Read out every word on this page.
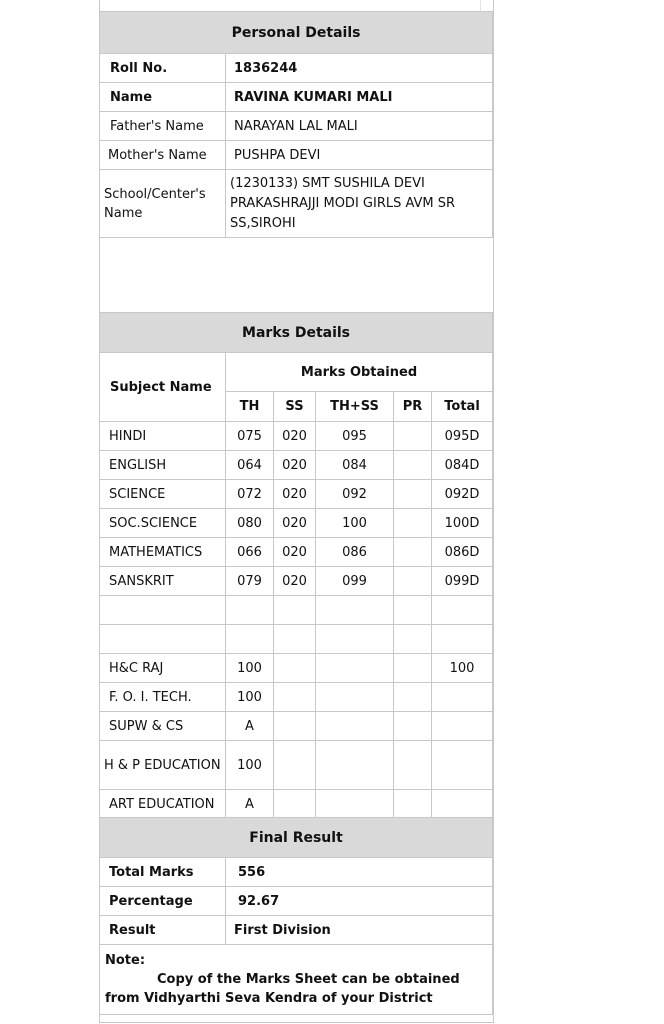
Personal Details	
Roll No.	1836244
Name	RAVINA KUMARI MALI
Father's Name	NARAYAN LAL MALI
Mother's Name	PUSHPA DEVI
School/Center's Name	(1230133) SMT SUSHILA DEVI PRAKASHRAJJI MODI GIRLS AVM SR SS,SIROHI
Marks Details					
Subject Name	Marks Obtained				
	TH	SS	TH+SS	PR	Total
HINDI	075	020	095		095D
ENGLISH	064	020	084		084D
SCIENCE	072	020	092		092D
SOC.SCIENCE	080	020	100		100D
MATHEMATICS	066	020	086		086D
SANSKRIT	079	020	099		099D

H&C RAJ	100				100
F. O. I. TECH.	100				
SUPW & CS	A				
H & P EDUCATION	100				
ART EDUCATION	A				
Final Result	
Total Marks	556
Percentage	92.67
Result	First Division

Note:
Copy of the Marks Sheet can be obtained from Vidhyarthi Seva Kendra of your District	
